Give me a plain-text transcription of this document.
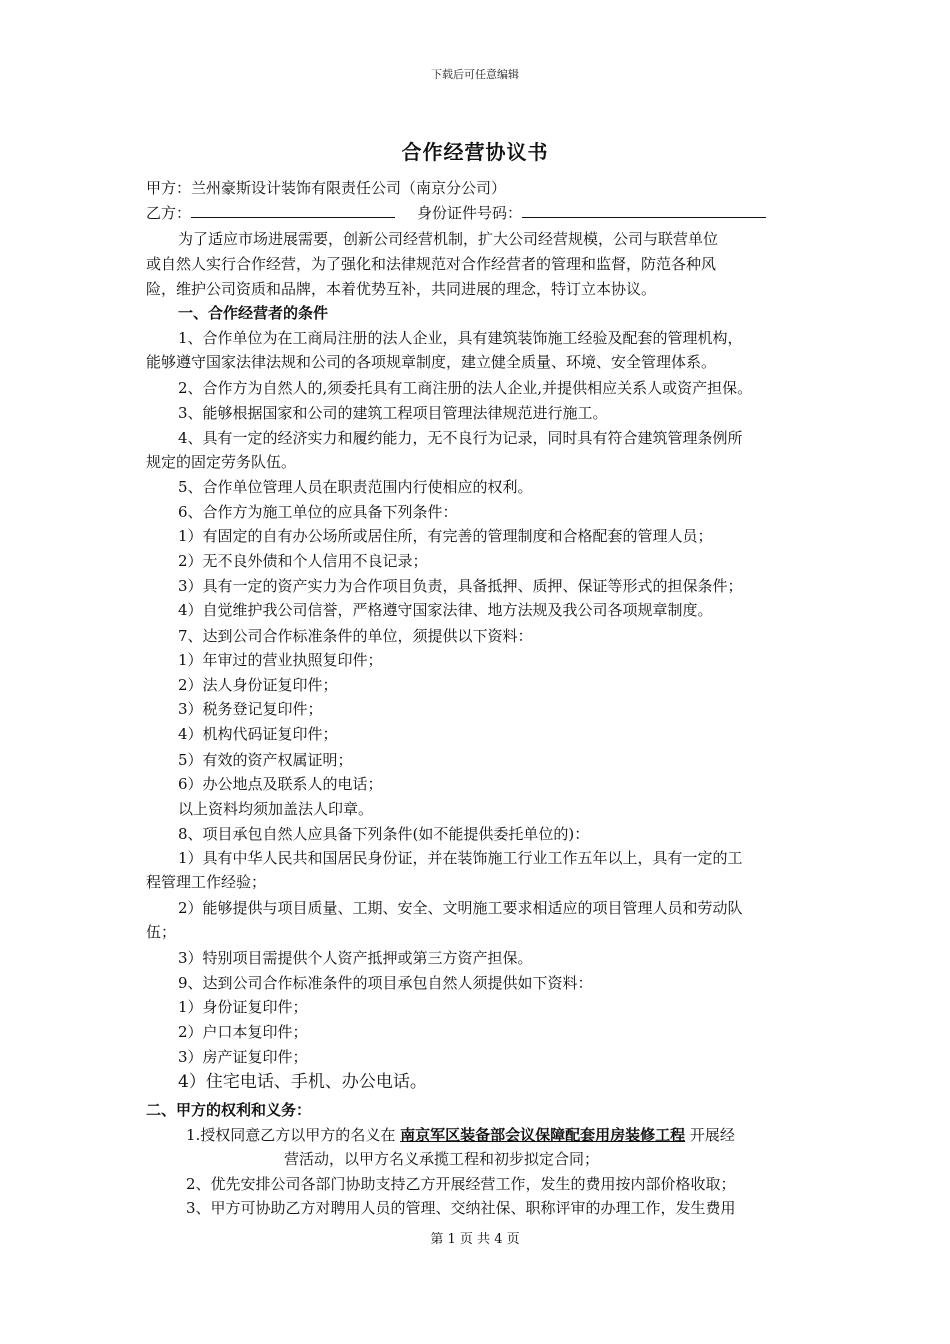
下载后可任意编辑
合作经营协议书
甲方：兰州豪斯设计装饰有限责任公司（南京分公司）
乙方：	身份证件号码：
为了适应市场进展需要，创新公司经营机制，扩大公司经营规模，公司与联营单位
或自然人实行合作经营，为了强化和法律规范对合作经营者的管理和监督，防范各种风
险，维护公司资质和品牌，本着优势互补，共同进展的理念，特订立本协议。
一、合作经营者的条件
1、合作单位为在工商局注册的法人企业，具有建筑装饰施工经验及配套的管理机构，
能够遵守国家法律法规和公司的各项规章制度，建立健全质量、环境、安全管理体系。
2、合作方为自然人的,须委托具有工商注册的法人企业,并提供相应关系人或资产担保。
3、能够根据国家和公司的建筑工程项目管理法律规范进行施工。
4、具有一定的经济实力和履约能力，无不良行为记录，同时具有符合建筑管理条例所
规定的固定劳务队伍。
5、合作单位管理人员在职责范围内行使相应的权利。
6、合作方为施工单位的应具备下列条件：
1）有固定的自有办公场所或居住所，有完善的管理制度和合格配套的管理人员；
2）无不良外债和个人信用不良记录；
3）具有一定的资产实力为合作项目负责，具备抵押、质押、保证等形式的担保条件；
4）自觉维护我公司信誉，严格遵守国家法律、地方法规及我公司各项规章制度。
7、达到公司合作标准条件的单位，须提供以下资料：
1）年审过的营业执照复印件；
2）法人身份证复印件；
3）税务登记复印件；
4）机构代码证复印件；
5）有效的资产权属证明；
6）办公地点及联系人的电话；
以上资料均须加盖法人印章。
8、项目承包自然人应具备下列条件(如不能提供委托单位的)：
1）具有中华人民共和国居民身份证，并在装饰施工行业工作五年以上，具有一定的工
程管理工作经验；
2）能够提供与项目质量、工期、安全、文明施工要求相适应的项目管理人员和劳动队
伍；
3）特别项目需提供个人资产抵押或第三方资产担保。
9、达到公司合作标准条件的项目承包自然人须提供如下资料：
1）身份证复印件；
2）户口本复印件；
3）房产证复印件；
4）住宅电话、手机、办公电话。
二、甲方的权利和义务：
1.授权同意乙方以甲方的名义在 南京军区装备部会议保障配套用房装修工程 开展经
营活动，以甲方名义承揽工程和初步拟定合同；
2、优先安排公司各部门协助支持乙方开展经营工作，发生的费用按内部价格收取；
3、甲方可协助乙方对聘用人员的管理、交纳社保、职称评审的办理工作，发生费用
第 1 页 共 4 页
